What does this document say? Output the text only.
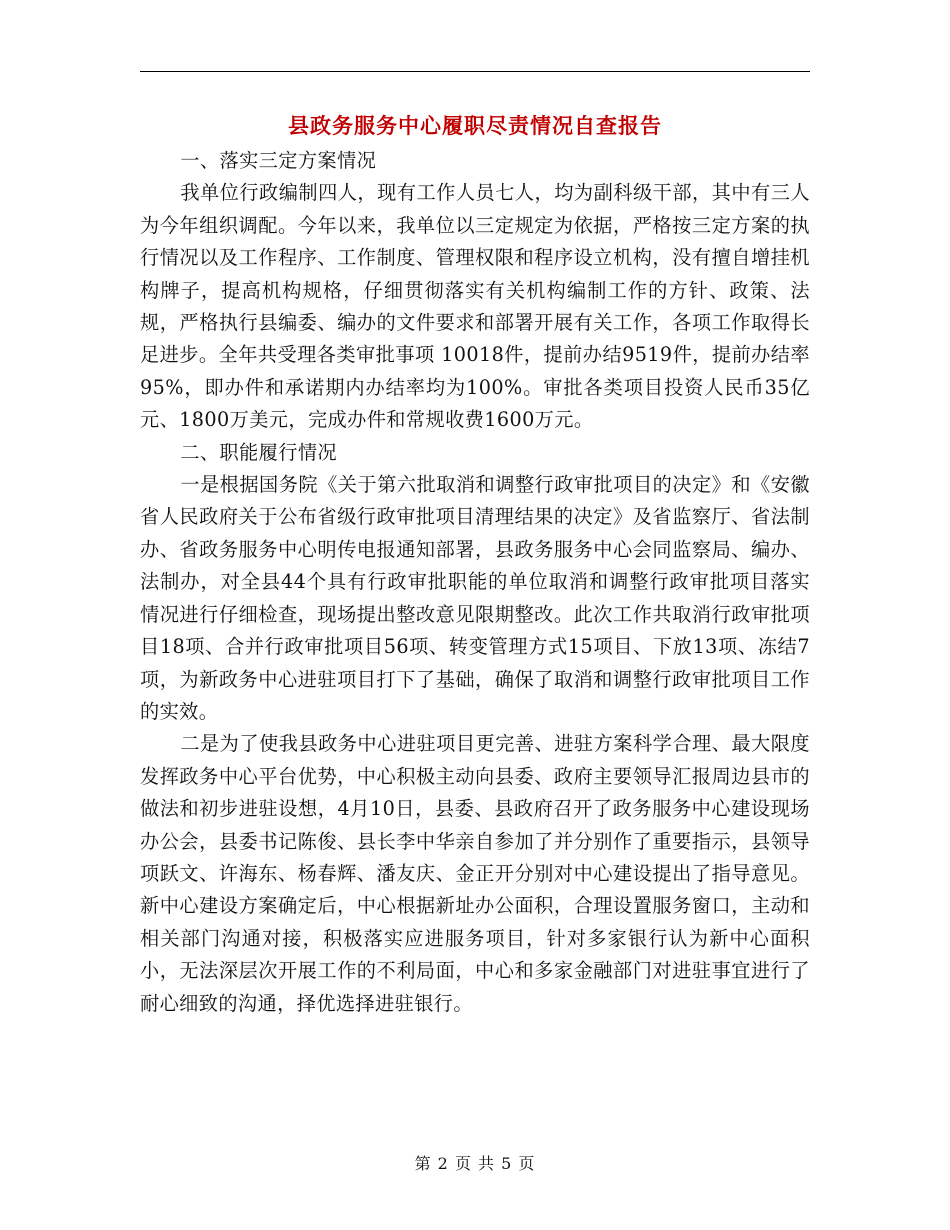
县政务服务中心履职尽责情况自查报告

一、落实三定方案情况

我单位行政编制四人，现有工作人员七人，均为副科级干部，其中有三人为今年组织调配。今年以来，我单位以三定规定为依据，严格按三定方案的执行情况以及工作程序、工作制度、管理权限和程序设立机构，没有擅自增挂机构牌子，提高机构规格，仔细贯彻落实有关机构编制工作的方针、政策、法规，严格执行县编委、编办的文件要求和部署开展有关工作，各项工作取得长足进步。全年共受理各类审批事项 10018件，提前办结9519件，提前办结率95%，即办件和承诺期内办结率均为100%。审批各类项目投资人民币35亿元、1800万美元，完成办件和常规收费1600万元。

二、职能履行情况

一是根据国务院《关于第六批取消和调整行政审批项目的决定》和《安徽省人民政府关于公布省级行政审批项目清理结果的决定》及省监察厅、省法制办、省政务服务中心明传电报通知部署，县政务服务中心会同监察局、编办、法制办，对全县44个具有行政审批职能的单位取消和调整行政审批项目落实情况进行仔细检查，现场提出整改意见限期整改。此次工作共取消行政审批项目18项、合并行政审批项目56项、转变管理方式15项目、下放13项、冻结7项，为新政务中心进驻项目打下了基础，确保了取消和调整行政审批项目工作的实效。

二是为了使我县政务中心进驻项目更完善、进驻方案科学合理、最大限度发挥政务中心平台优势，中心积极主动向县委、政府主要领导汇报周边县市的做法和初步进驻设想，4月10日，县委、县政府召开了政务服务中心建设现场办公会，县委书记陈俊、县长李中华亲自参加了并分别作了重要指示，县领导项跃文、许海东、杨春辉、潘友庆、金正开分别对中心建设提出了指导意见。新中心建设方案确定后，中心根据新址办公面积，合理设置服务窗口，主动和相关部门沟通对接，积极落实应进服务项目，针对多家银行认为新中心面积小，无法深层次开展工作的不利局面，中心和多家金融部门对进驻事宜进行了耐心细致的沟通，择优选择进驻银行。

第 2 页 共 5 页
